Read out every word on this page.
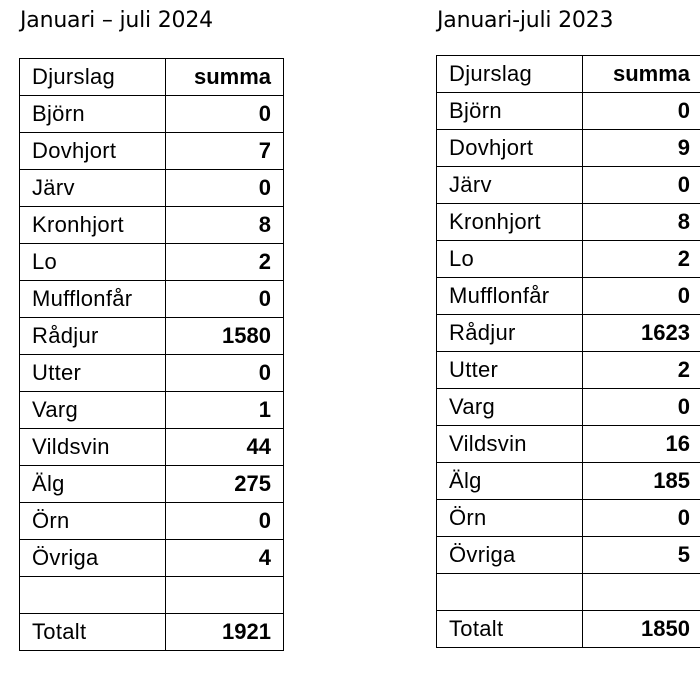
Januari – juli 2024	Januari-juli 2023
Djurslag	summa
Björn	0
Dovhjort	7
Järv	0
Kronhjort	8
Lo	2
Mufflonfår	0
Rådjur	1580
Utter	0
Varg	1
Vildsvin	44
Älg	275
Örn	0
Övriga	4

Totalt	1921
Djurslag	summa
Björn	0
Dovhjort	9
Järv	0
Kronhjort	8
Lo	2
Mufflonfår	0
Rådjur	1623
Utter	2
Varg	0
Vildsvin	16
Älg	185
Örn	0
Övriga	5

Totalt	1850
